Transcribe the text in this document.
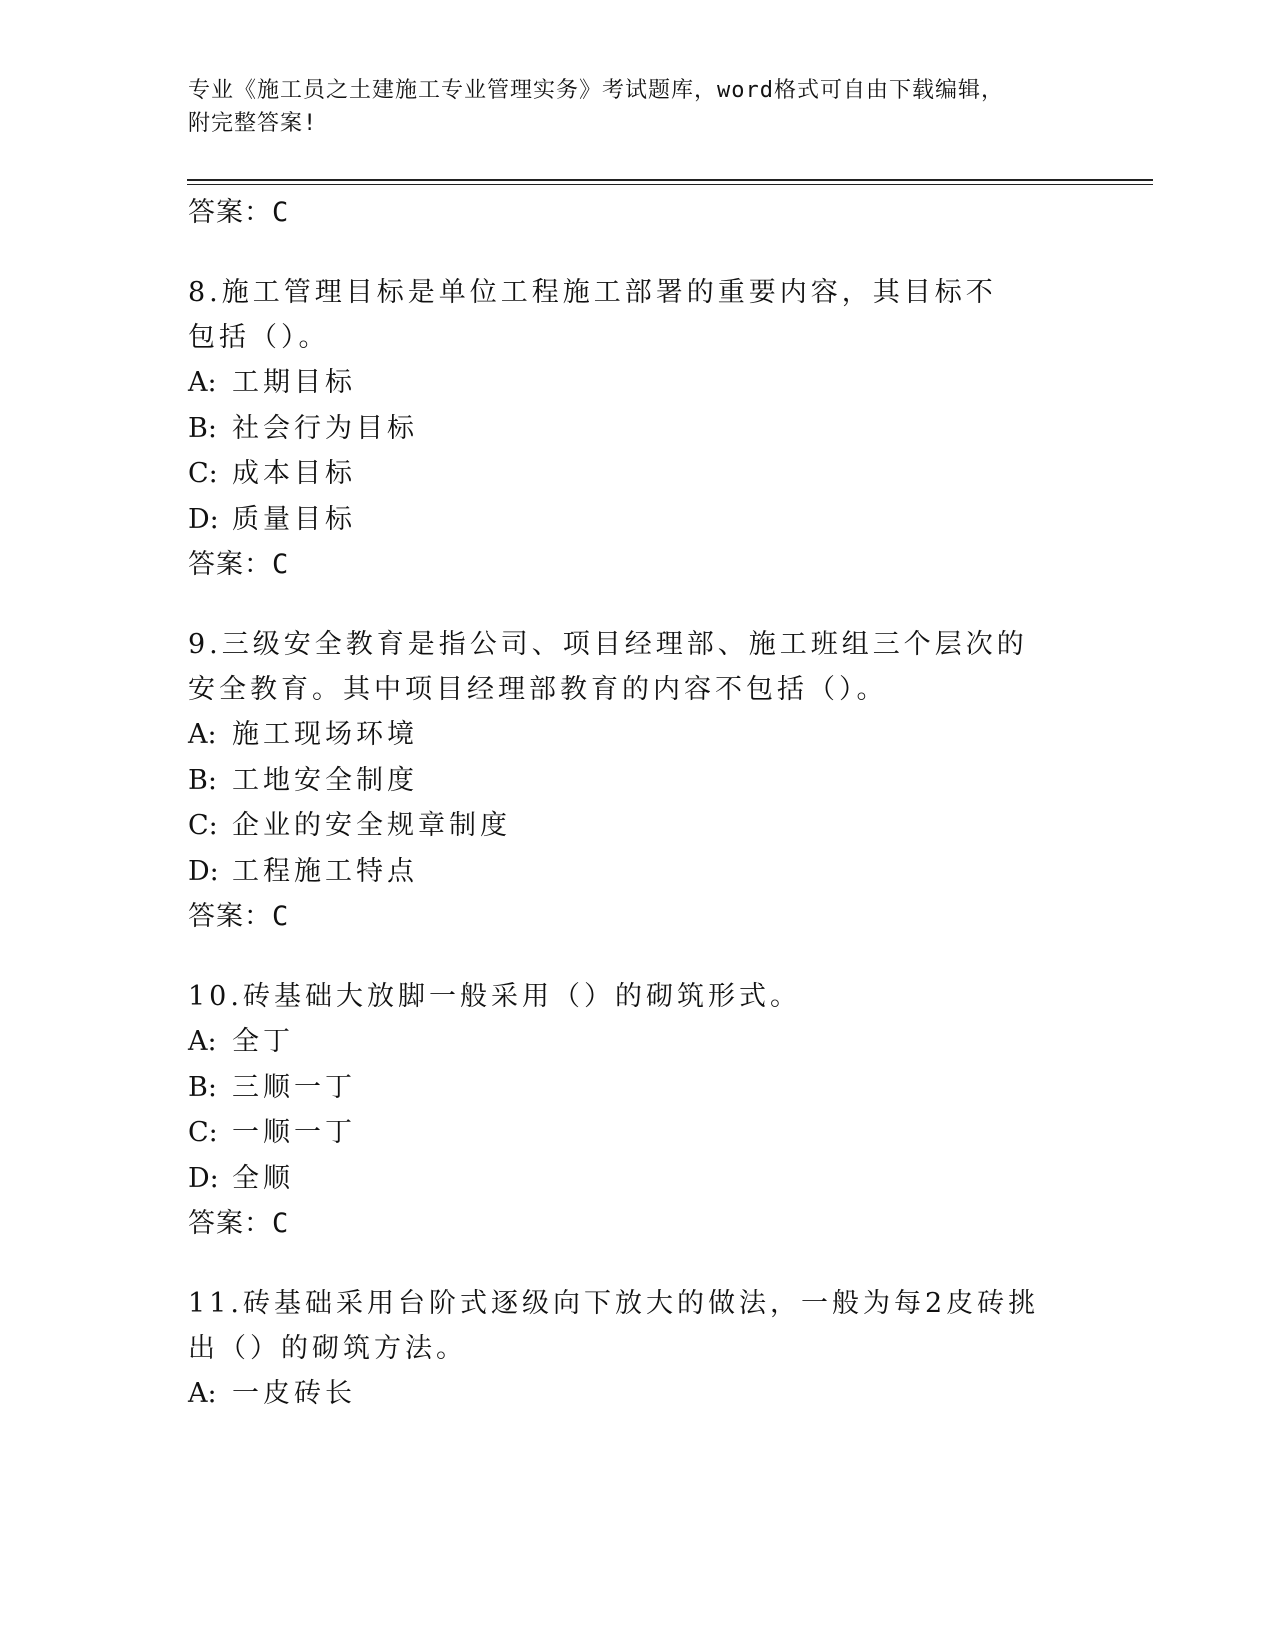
专业《施工员之土建施工专业管理实务》考试题库，word格式可自由下载编辑，
附完整答案!
答案：C
8.施工管理目标是单位工程施工部署的重要内容，其目标不包括（）。
A: 工期目标
B: 社会行为目标
C: 成本目标
D: 质量目标
答案：C
9.三级安全教育是指公司、项目经理部、施工班组三个层次的安全教育。其中项目经理部教育的内容不包括（）。
A: 施工现场环境
B: 工地安全制度
C: 企业的安全规章制度
D: 工程施工特点
答案：C
10.砖基础大放脚一般采用（）的砌筑形式。
A: 全丁
B: 三顺一丁
C: 一顺一丁
D: 全顺
答案：C
11.砖基础采用台阶式逐级向下放大的做法，一般为每2皮砖挑出（）的砌筑方法。
A: 一皮砖长
